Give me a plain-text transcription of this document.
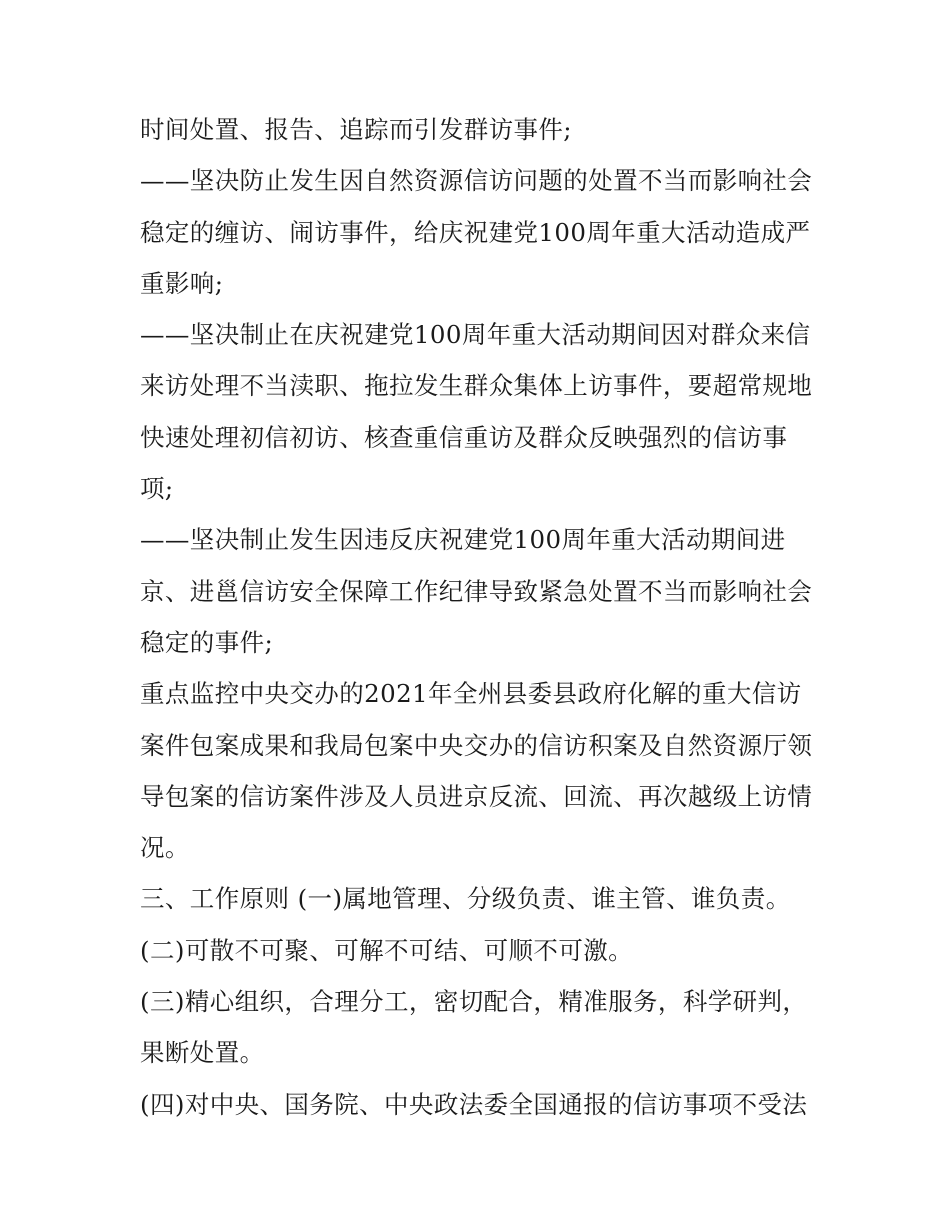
时间处置、报告、追踪而引发群访事件;
——坚决防止发生因自然资源信访问题的处置不当而影响社会
稳定的缠访、闹访事件，给庆祝建党100周年重大活动造成严
重影响;
——坚决制止在庆祝建党100周年重大活动期间因对群众来信
来访处理不当渎职、拖拉发生群众集体上访事件，要超常规地
快速处理初信初访、核查重信重访及群众反映强烈的信访事
项;
——坚决制止发生因违反庆祝建党100周年重大活动期间进
京、进邕信访安全保障工作纪律导致紧急处置不当而影响社会
稳定的事件;
重点监控中央交办的2021年全州县委县政府化解的重大信访
案件包案成果和我局包案中央交办的信访积案及自然资源厅领
导包案的信访案件涉及人员进京反流、回流、再次越级上访情
况。
三、工作原则 (一)属地管理、分级负责、谁主管、谁负责。
(二)可散不可聚、可解不可结、可顺不可激。
(三)精心组织，合理分工，密切配合，精准服务，科学研判，
果断处置。
(四)对中央、国务院、中央政法委全国通报的信访事项不受法
